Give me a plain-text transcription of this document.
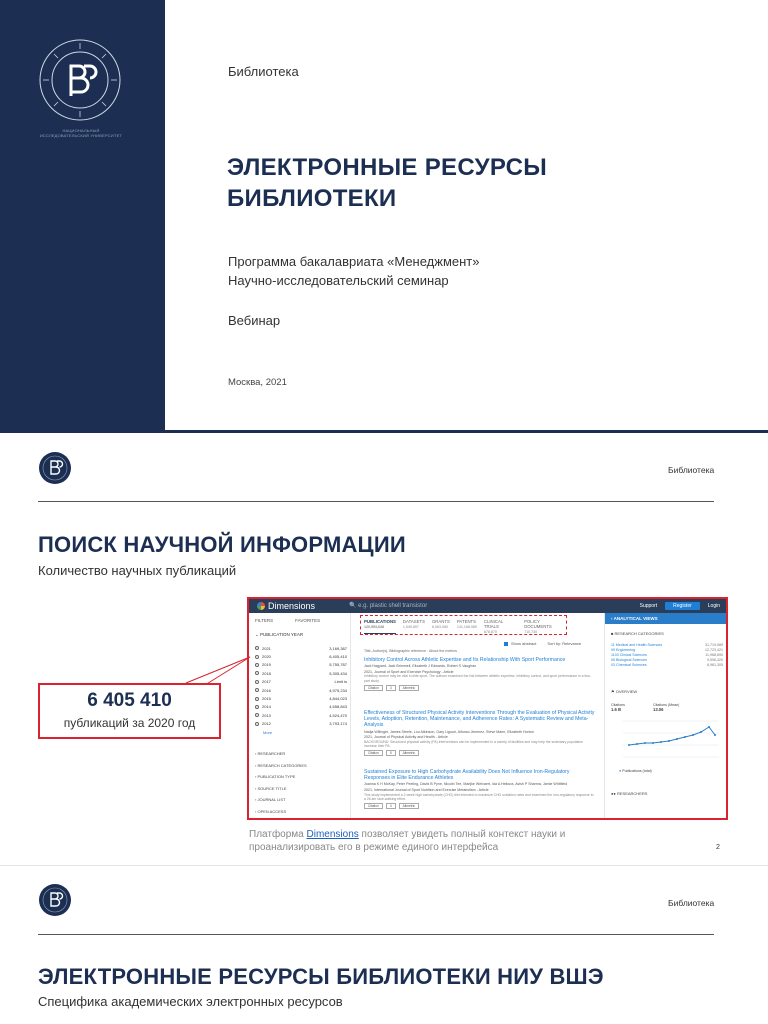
НАЦИОНАЛЬНЫЙ ИССЛЕДОВАТЕЛЬСКИЙ УНИВЕРСИТЕТ
Библиотека
ЭЛЕКТРОННЫЕ РЕСУРСЫ
БИБЛИОТЕКИ
Программа бакалавриата «Менеджмент»
Научно-исследовательский семинар
Вебинар
Москва, 2021
Библиотека
ПОИСК НАУЧНОЙ ИНФОРМАЦИИ
Количество научных публикаций
Dimensions	🔍 e.g. plastic shell transistor	Support	Register	Login
FILTERS	FAVORITES
⌄ PUBLICATION YEAR
2021	3,169,387
2020	6,405,410
2019	5,755,787
2018	5,305,434
2017	Limit is
2016	4,975,234
2015	4,844,023
2014	4,658,843
2013	4,524,470
2012	3,793,174
More
› RESEARCHER
› RESEARCH CATEGORIES
› PUBLICATION TYPE
› SOURCE TITLE
› JOURNAL LIST
› OPEN ACCESS
PUBLICATIONS
120,953,638
DATASETS
1,549,897
GRANTS
6,063,080
PATENTS
141,168,989
CLINICAL TRIALS
678,870
POLICY DOCUMENTS
710,730
Show abstract	Sort by: Relevance
Title, Author(s), Bibliographic reference · About the metrics
Inhibitory Control Across Athletic Expertise and Its Relationship With Sport Performance
Jack Hagyard, Jack Brimmell, Elizabeth J Edwards, Robert S Vaughan
2021, Journal of Sport and Exercise Psychology - Article
Inhibitory control may be vital in elite sport. The authors examined the link between athletic expertise, inhibitory control, and sport performance in a two-part study.
Citation	3	Altmetric
Effectiveness of Structured Physical Activity Interventions Through the Evaluation of Physical Activity Levels, Adoption, Retention, Maintenance, and Adherence Rates: A Systematic Review and Meta-Analysis
Nadja Willinger, James Steele, Lou Atkinson, Gary Liguori, Alfonso Jimenez, Steve Mann, Elizabeth Horton
2021, Journal of Physical Activity and Health - Article
BACKGROUND: Structured physical activity (PA) interventions can be implemented in a variety of facilities and may help the sedentary population increase their PA.
Citation	5	Altmetric
Sustained Exposure to High Carbohydrate Availability Does Not Influence Iron-Regulatory Responses in Elite Endurance Athletes
Joanna K H McKay, Peter Peeling, David B Pyne, Nicolin Tee, Marijke Welvaert, Ida A Heikura, Avish P Sharma, Jamie Whitfield
2021, International Journal of Sport Nutrition and Exercise Metabolism - Article
This study implemented a 2-week high carbohydrate (CHO) diet intended to maximize CHO oxidation rates and examined the iron-regulatory response to a 26-km race-walking effort.
Citation	4	Altmetric
‹ ANALYTICAL VIEWS
■ RESEARCH CATEGORIES
11 Medical and Health Sciences	31,719,589
09 Engineering	12,723,421
1103 Clinical Sciences	11,968,890
06 Biological Sciences	9,506,320
03 Chemical Sciences	8,981,305
⚑ OVERVIEW
Citations
1.6 B
Citations (Mean)
13.06
● Publications (total)
●● RESEARCHERS
6 405 410
публикаций за 2020 год
Платформа Dimensions позволяет увидеть полный контекст науки и проанализировать его в режиме единого интерфейса	2
Библиотека
ЭЛЕКТРОННЫЕ РЕСУРСЫ БИБЛИОТЕКИ НИУ ВШЭ
Специфика академических электронных ресурсов
